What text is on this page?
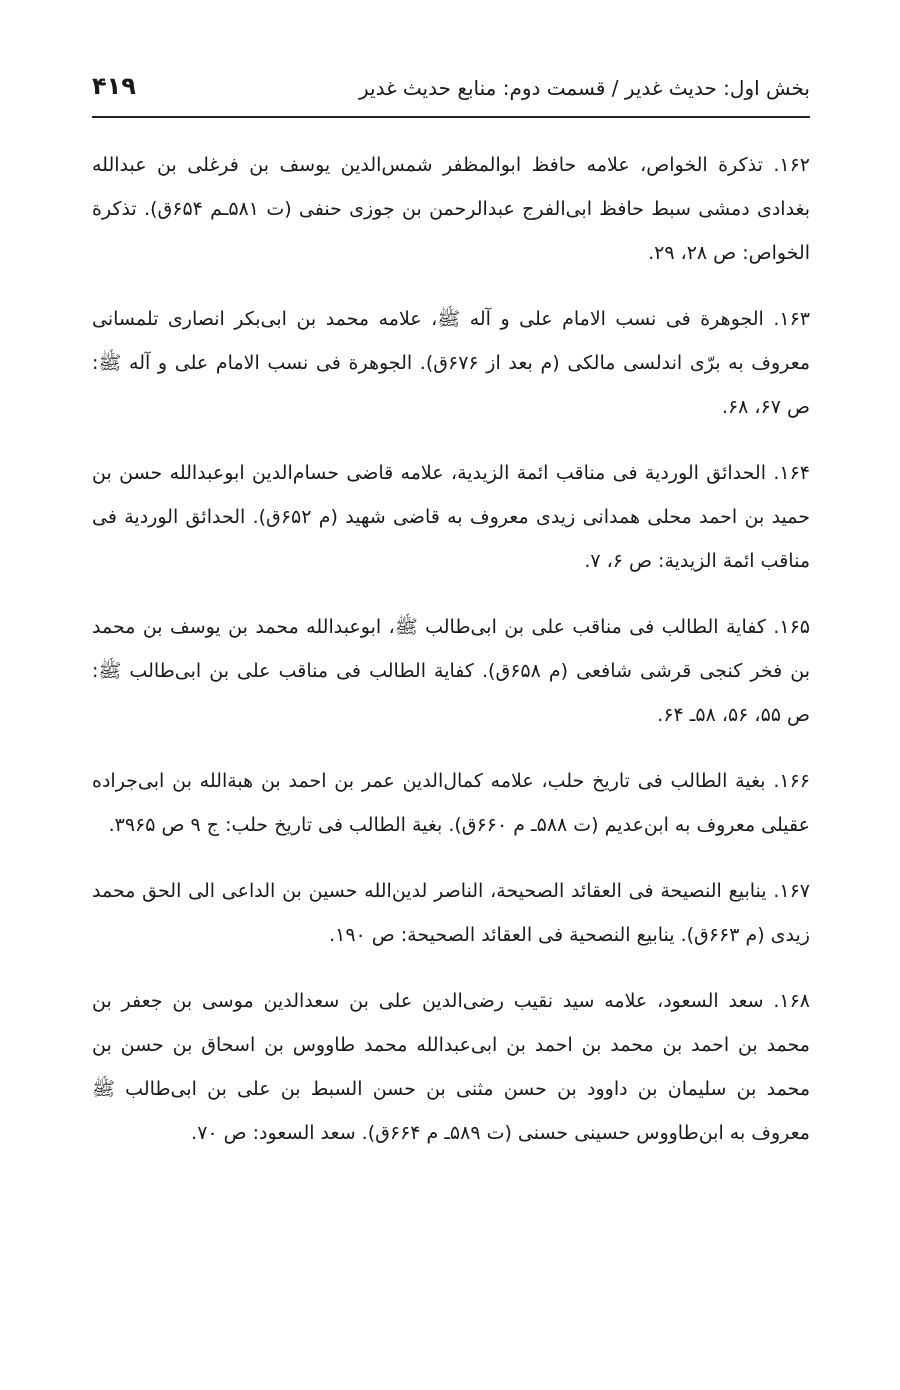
بخش اول: حدیث غدیر / قسمت دوم: منابع حدیث غدیر
۴۱۹

۱۶۲. تذکرة الخواص، علامه حافظ ابوالمظفر شمس‌الدین یوسف بن فرغلی بن عبدالله بغدادی دمشی سبط حافظ ابی‌الفرج عبدالرحمن بن جوزی حنفی (ت ۵۸۱ـم ۶۵۴ق). تذکرة الخواص: ص ۲۸، ۲۹.

۱۶۳. الجوهرة فی نسب الامام علی و آله ﷺ، علامه محمد بن ابی‌بکر انصاری تلمسانی معروف به برّی اندلسی مالکی (م بعد از ۶۷۶ق). الجوهرة فی نسب الامام علی و آله ﷺ: ص ۶۷، ۶۸.

۱۶۴. الحدائق الوردیة فی مناقب ائمة الزیدیة، علامه قاضی حسام‌الدین ابوعبدالله حسن بن حمید بن احمد محلی همدانی زیدی معروف به قاضی شهید (م ۶۵۲ق). الحدائق الوردیة فی مناقب ائمة الزیدیة: ص ۶، ۷.

۱۶۵. کفایة الطالب فی مناقب علی بن ابی‌طالب ﷺ، ابوعبدالله محمد بن یوسف بن محمد بن فخر کنجی قرشی شافعی (م ۶۵۸ق). کفایة الطالب فی مناقب علی بن ابی‌طالب ﷺ: ص ۵۵، ۵۶، ۵۸ـ ۶۴.

۱۶۶. بغیة الطالب فی تاریخ حلب، علامه کمال‌الدین عمر بن احمد بن هبة‌الله بن ابی‌جراده عقیلی معروف به ابن‌عدیم (ت ۵۸۸ـ م ۶۶۰ق). بغیة الطالب فی تاریخ حلب: ج ۹ ص ۳۹۶۵.

۱۶۷. ینابیع النصیحة فی العقائد الصحیحة، الناصر لدین‌الله حسین بن الداعی الی الحق محمد زیدی (م ۶۶۳ق). ینابیع النصحیة فی العقائد الصحیحة: ص ۱۹۰.

۱۶۸. سعد السعود، علامه سید نقیب رضی‌الدین علی بن سعدالدین موسی بن جعفر بن محمد بن احمد بن محمد بن احمد بن ابی‌عبدالله محمد طاووس بن اسحاق بن حسن بن محمد بن سلیمان بن داوود بن حسن مثنی بن حسن السبط بن علی بن ابی‌طالب ﷺ معروف به ابن‌طاووس حسینی حسنی (ت ۵۸۹ـ م ۶۶۴ق). سعد السعود: ص ۷۰.
